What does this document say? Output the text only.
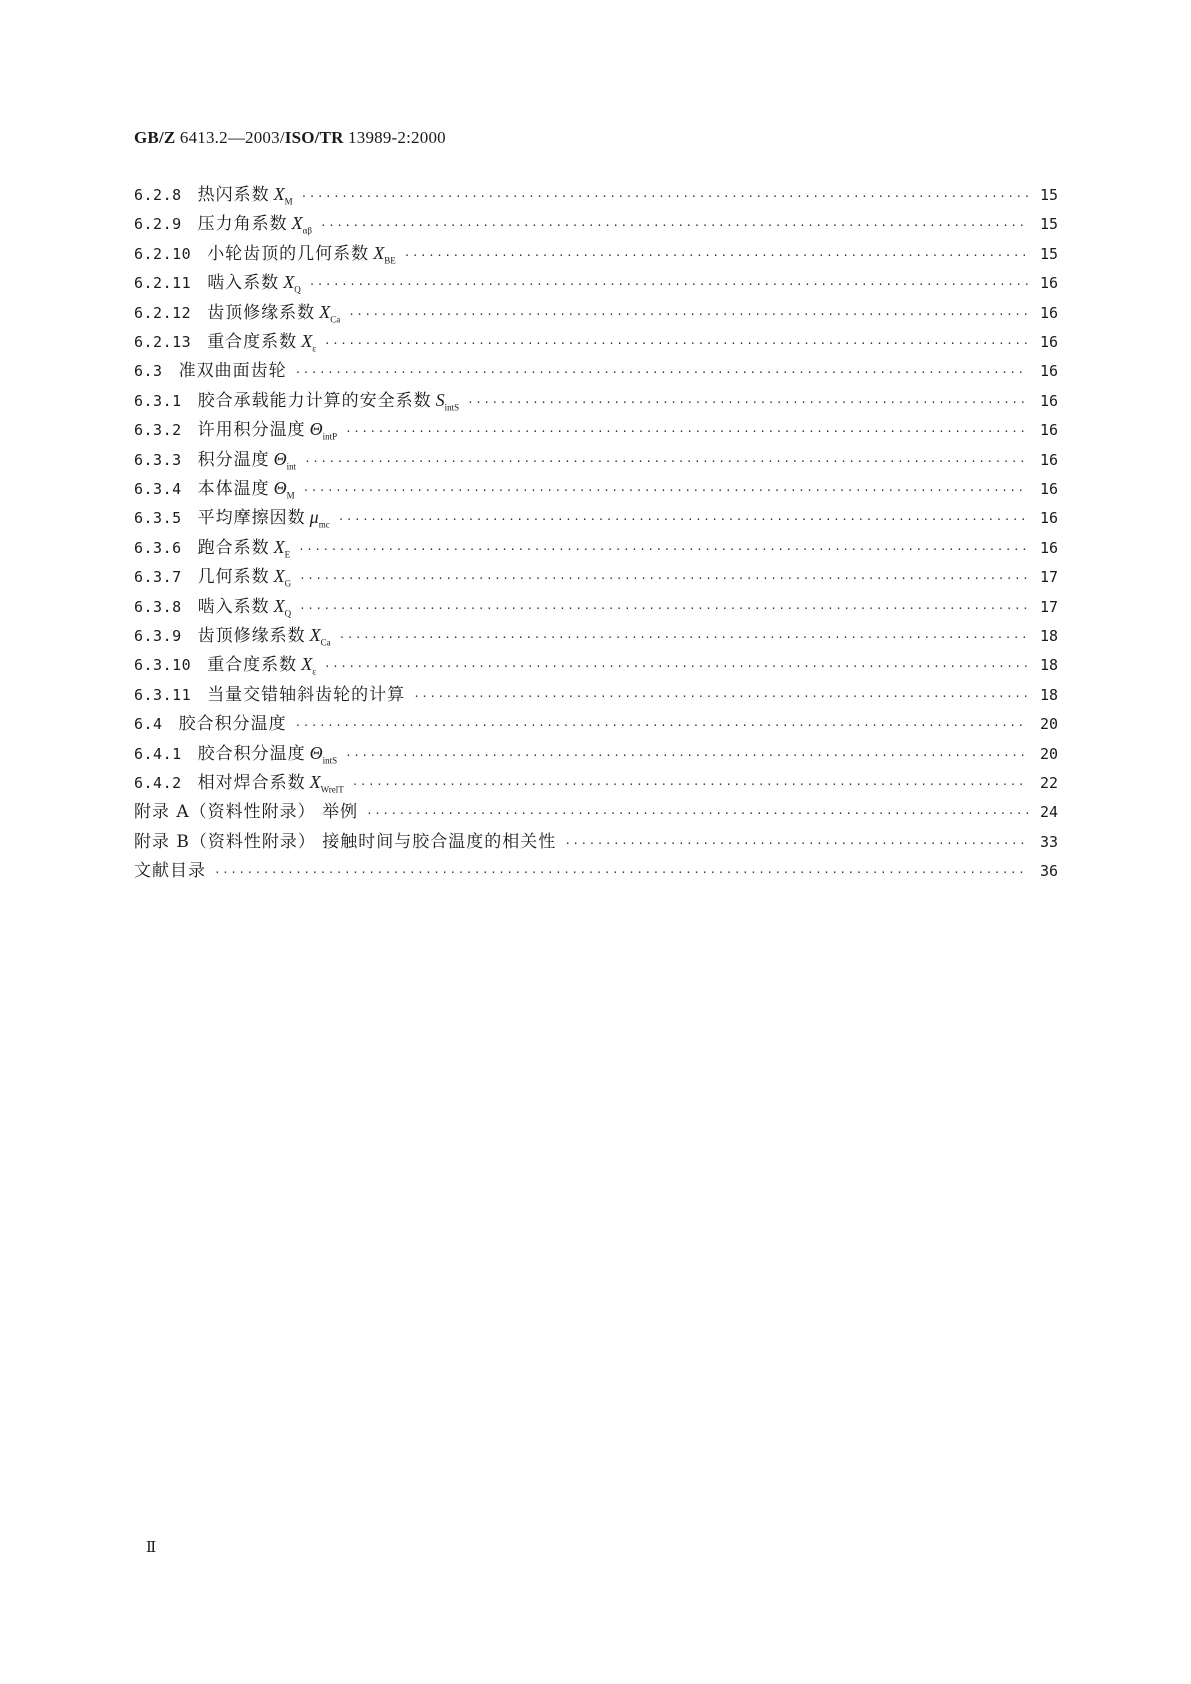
GB/Z 6413.2—2003/ISO/TR 13989-2:2000
6.2.8 热闪系数 $X_M$ ·····	15
6.2.9 压力角系数 $X_{\alpha\beta}$ ·····	15
6.2.10 小轮齿顶的几何系数 $X_{BE}$ ·····	15
6.2.11 啮入系数 $X_Q$ ·····	16
6.2.12 齿顶修缘系数 $X_{Ca}$ ·····	16
6.2.13 重合度系数 $X_\varepsilon$ ·····	16
6.3 准双曲面齿轮 ·····	16
6.3.1 胶合承载能力计算的安全系数 $S_{intS}$ ·····	16
6.3.2 许用积分温度 $\Theta_{intP}$ ·····	16
6.3.3 积分温度 $\Theta_{int}$ ·····	16
6.3.4 本体温度 $\Theta_M$ ·····	16
6.3.5 平均摩擦因数 $\mu_{mc}$ ·····	16
6.3.6 跑合系数 $X_E$ ·····	16
6.3.7 几何系数 $X_G$ ·····	17
6.3.8 啮入系数 $X_Q$ ·····	17
6.3.9 齿顶修缘系数 $X_{Ca}$ ·····	18
6.3.10 重合度系数 $X_\varepsilon$ ·····	18
6.3.11 当量交错轴斜齿轮的计算 ·····	18
6.4 胶合积分温度 ·····	20
6.4.1 胶合积分温度 $\Theta_{intS}$ ·····	20
6.4.2 相对焊合系数 $X_{WrelT}$ ·····	22
附录 A（资料性附录） 举例 ·····	24
附录 B（资料性附录） 接触时间与胶合温度的相关性 ·····	33
文献目录 ·····	36
Ⅱ
